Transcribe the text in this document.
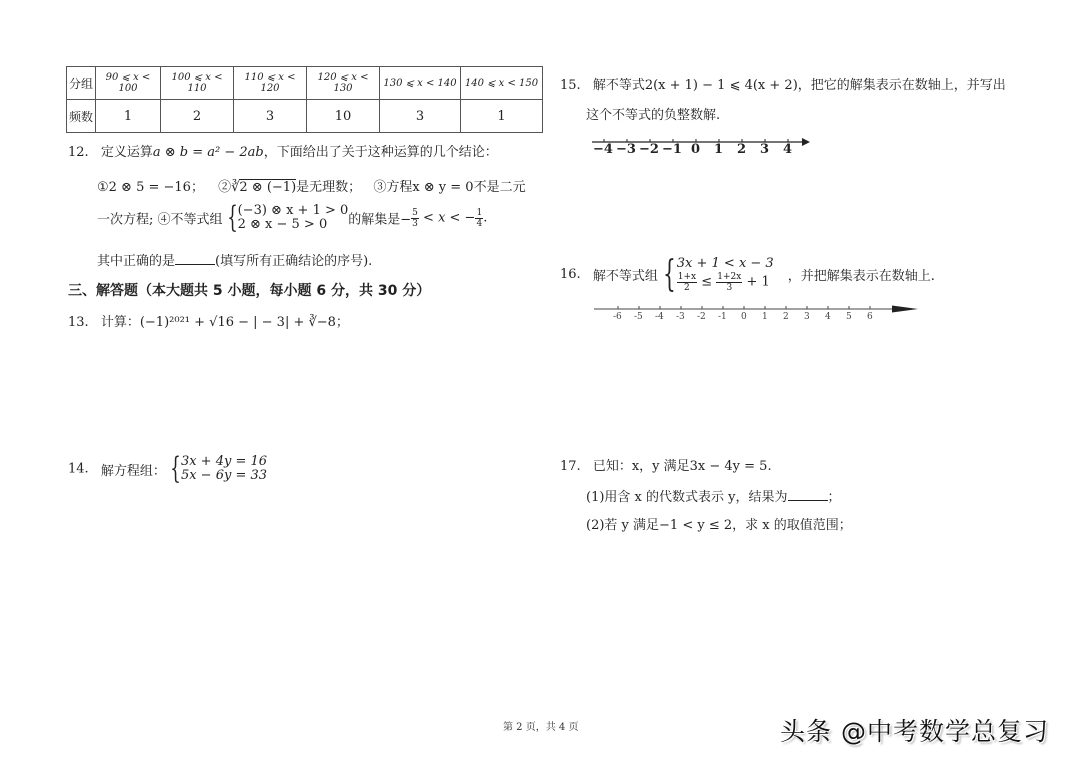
分组	90 ⩽ x < 100	100 ⩽ x < 110	110 ⩽ x < 120	120 ⩽ x < 130	130 ⩽ x < 140	140 ⩽ x < 150
频数	1	2	3	10	3	1
12. 定义运算a ⊗ b = a² − 2ab，下面给出了关于这种运算的几个结论：
①2 ⊗ 5 = −16； ②∛2 ⊗ (−1)是无理数； ③方程x ⊗ y = 0不是二元
一次方程; ④不等式组 { (−3) ⊗ x + 1 > 0
2 ⊗ x − 5 > 0	的解集是− $\frac{5}{3} < x$ < − $\frac{1}{4}$ .
其中正确的是	(填写所有正确结论的序号).
三、解答题（本大题共 5 小题，每小题 6 分，共 30 分）
13. 计算：(−1)²⁰²¹ + √16 − | − 3| + ∛−8；
14. 解方程组： { 3x + 4y = 16
5x − 6y = 33
15. 解不等式2(x + 1) − 1 ⩽ 4(x + 2)，把它的解集表示在数轴上，并写出
这个不等式的负整数解.
−4 −3 −2 −1 0 1 2 3 4
16. 解不等式组 { 3x + 1 < x − 3
$\frac{1+x}{2} \le \frac{1+2x}{3} + 1$	，并把解集表示在数轴上.
-6 -5 -4 -3 -2 -1 0 1 2 3 4 5 6
17. 已知：x，y 满足3x − 4y = 5.
(1)用含 x 的代数式表示 y，结果为	；
(2)若 y 满足−1 < y ≤ 2，求 x 的取值范围；
第 2 页，共 4 页	头条 @中考数学总复习
